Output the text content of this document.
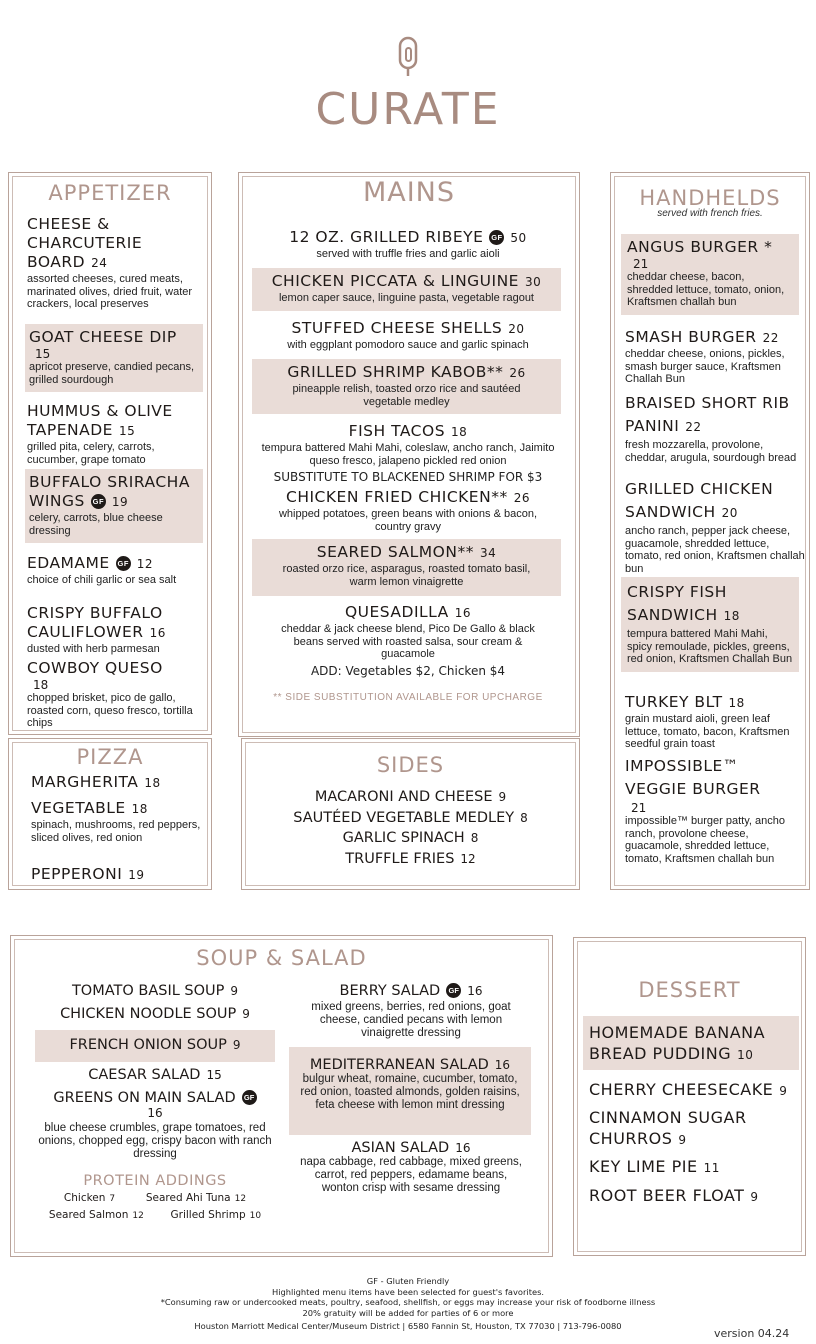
CURATE
APPETIZER
CHEESE & CHARCUTERIE BOARD 24
assorted cheeses, cured meats, marinated olives, dried fruit, water crackers, local preserves
GOAT CHEESE DIP
15
apricot preserve, candied pecans, grilled sourdough
HUMMUS & OLIVE TAPENADE 15
grilled pita, celery, carrots, cucumber, grape tomato
BUFFALO SRIRACHA WINGS GF 19
celery, carrots, blue cheese dressing
EDAMAME GF 12
choice of chili garlic or sea salt
CRISPY BUFFALO CAULIFLOWER 16
dusted with herb parmesan
COWBOY QUESO
18
chopped brisket, pico de gallo, roasted corn, queso fresco, tortilla chips
MAINS
12 OZ. GRILLED RIBEYE GF 50
served with truffle fries and garlic aioli
CHICKEN PICCATA & LINGUINE 30
lemon caper sauce, linguine pasta, vegetable ragout
STUFFED CHEESE SHELLS 20
with eggplant pomodoro sauce and garlic spinach
GRILLED SHRIMP KABOB** 26
pineapple relish, toasted orzo rice and sautéed vegetable medley
FISH TACOS 18
tempura battered Mahi Mahi, coleslaw, ancho ranch, Jaimito queso fresco, jalapeno pickled red onion
SUBSTITUTE TO BLACKENED SHRIMP FOR $3
CHICKEN FRIED CHICKEN** 26
whipped potatoes, green beans with onions & bacon, country gravy
SEARED SALMON** 34
roasted orzo rice, asparagus, roasted tomato basil, warm lemon vinaigrette
QUESADILLA 16
cheddar & jack cheese blend, Pico De Gallo & black beans served with roasted salsa, sour cream & guacamole
ADD: Vegetables $2, Chicken $4
** SIDE SUBSTITUTION AVAILABLE FOR UPCHARGE
HANDHELDS
served with french fries.
ANGUS BURGER *
21
cheddar cheese, bacon, shredded lettuce, tomato, onion, Kraftsmen challah bun
SMASH BURGER 22
cheddar cheese, onions, pickles, smash burger sauce, Kraftsmen Challah Bun
BRAISED SHORT RIB PANINI 22
fresh mozzarella, provolone, cheddar, arugula, sourdough bread
GRILLED CHICKEN SANDWICH 20
ancho ranch, pepper jack cheese, guacamole, shredded lettuce, tomato, red onion, Kraftsmen challah bun
CRISPY FISH SANDWICH 18
tempura battered Mahi Mahi, spicy remoulade, pickles, greens, red onion, Kraftsmen Challah Bun
TURKEY BLT 18
grain mustard aioli, green leaf lettuce, tomato, bacon, Kraftsmen seedful grain toast
IMPOSSIBLE™ VEGGIE BURGER
21
impossible™ burger patty, ancho ranch, provolone cheese, guacamole, shredded lettuce, tomato, Kraftsmen challah bun
PIZZA
MARGHERITA 18
VEGETABLE 18
spinach, mushrooms, red peppers, sliced olives, red onion
PEPPERONI 19
SIDES
MACARONI AND CHEESE 9
SAUTÉED VEGETABLE MEDLEY 8
GARLIC SPINACH 8
TRUFFLE FRIES 12
SOUP & SALAD
TOMATO BASIL SOUP 9
CHICKEN NOODLE SOUP 9
FRENCH ONION SOUP 9
CAESAR SALAD 15
GREENS ON MAIN SALAD GF
16
blue cheese crumbles, grape tomatoes, red onions, chopped egg, crispy bacon with ranch dressing
PROTEIN ADDINGS
Chicken 7	Seared Ahi Tuna 12
Seared Salmon 12	Grilled Shrimp 10
BERRY SALAD GF 16
mixed greens, berries, red onions, goat cheese, candied pecans with lemon vinaigrette dressing
MEDITERRANEAN SALAD 16
bulgur wheat, romaine, cucumber, tomato, red onion, toasted almonds, golden raisins, feta cheese with lemon mint dressing
ASIAN SALAD 16
napa cabbage, red cabbage, mixed greens, carrot, red peppers, edamame beans, wonton crisp with sesame dressing
DESSERT
HOMEMADE BANANA BREAD PUDDING 10
CHERRY CHEESECAKE 9
CINNAMON SUGAR CHURROS 9
KEY LIME PIE 11
ROOT BEER FLOAT 9
GF - Gluten Friendly
Highlighted menu items have been selected for guest's favorites.
*Consuming raw or undercooked meats, poultry, seafood, shellfish, or eggs may increase your risk of foodborne illness
20% gratuity will be added for parties of 6 or more
Houston Marriott Medical Center/Museum District | 6580 Fannin St, Houston, TX 77030 | 713-796-0080
version 04.24
